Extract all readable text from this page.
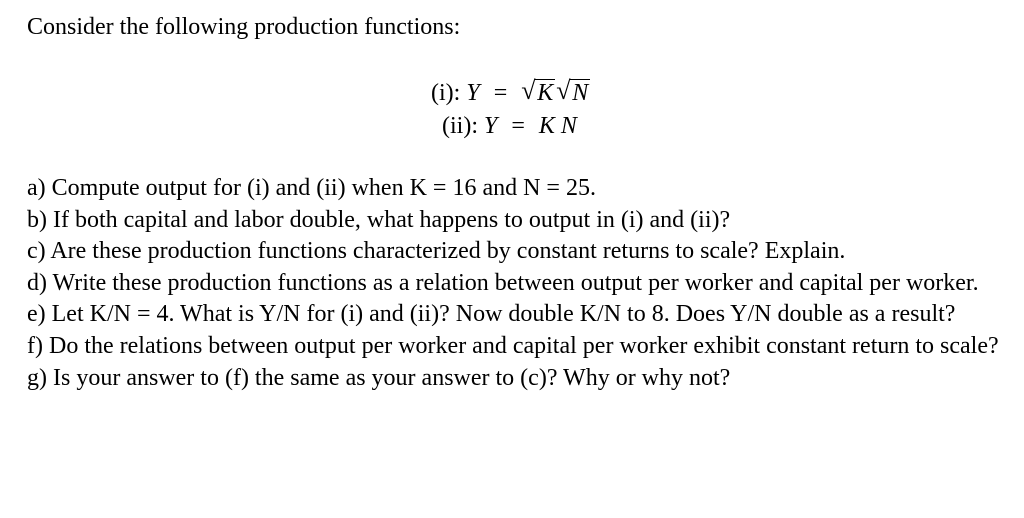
Consider the following production functions:

(i): Y = √ K √ N
(ii): Y = K N
a) Compute output for (i) and (ii) when K = 16 and N = 25.
b) If both capital and labor double, what happens to output in (i) and (ii)?
c) Are these production functions characterized by constant returns to scale? Explain.
d) Write these production functions as a relation between output per worker and capital per worker.
e) Let K/N = 4. What is Y/N for (i) and (ii)? Now double K/N to 8. Does Y/N double as a result?
f) Do the relations between output per worker and capital per worker exhibit constant return to scale?
g) Is your answer to (f) the same as your answer to (c)? Why or why not?
